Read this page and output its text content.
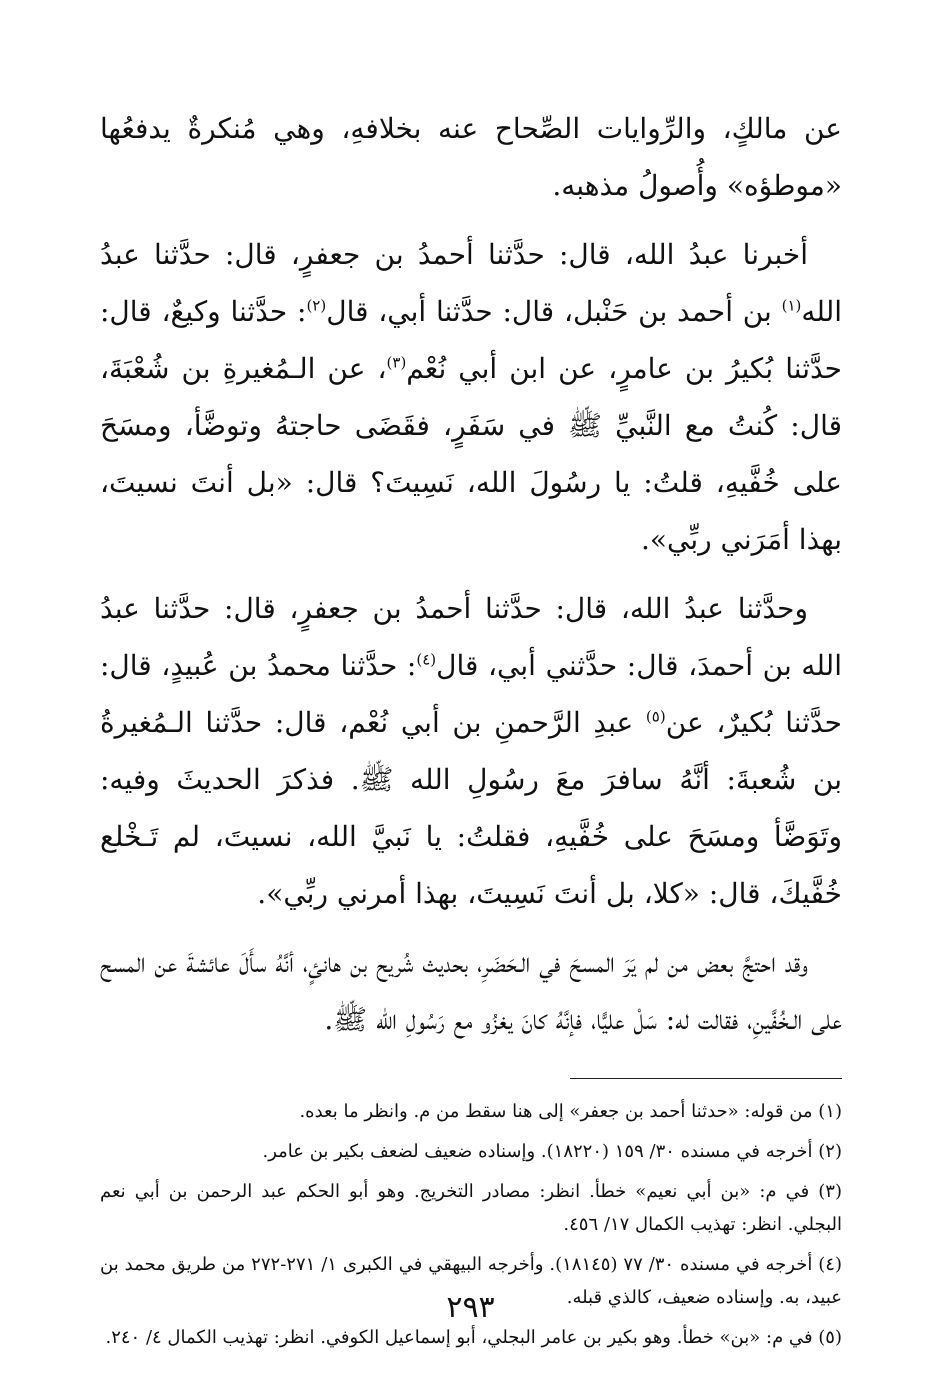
عن مالكٍ، والرِّوايات الصِّحاح عنه بخلافهِ، وهي مُنكرةٌ يدفعُها «موطؤه» وأُصولُ مذهبه.

أخبرنا عبدُ الله، قال: حدَّثنا أحمدُ بن جعفرٍ، قال: حدَّثنا عبدُ الله$^{(١)}$ بن أحمد بن حَنْبل، قال: حدَّثنا أبي، قال$^{(٢)}$: حدَّثنا وكيعٌ، قال: حدَّثنا بُكيرُ بن عامرٍ، عن ابن أبي نُعْم$^{(٣)}$، عن الـمُغيرةِ بن شُعْبَةَ، قال: كُنتُ مع النَّبيِّ ﷺ في سَفَرٍ، فقَضَى حاجتهُ وتوضَّأ، ومسَحَ على خُفَّيهِ، قلتُ: يا رسُولَ الله، نَسِيتَ؟ قال: «بل أنتَ نسيتَ، بهذا أمَرَني ربِّي».

وحدَّثنا عبدُ الله، قال: حدَّثنا أحمدُ بن جعفرٍ، قال: حدَّثنا عبدُ الله بن أحمدَ، قال: حدَّثني أبي، قال$^{(٤)}$: حدَّثنا محمدُ بن عُبيدٍ، قال: حدَّثنا بُكيرٌ، عن$^{(٥)}$ عبدِ الرَّحمنِ بن أبي نُعْم، قال: حدَّثنا الـمُغيرةُ بن شُعبةَ: أنَّهُ سافرَ معَ رسُولِ الله ﷺ. فذكرَ الحديثَ وفيه: وتَوَضَّأ ومسَحَ على خُفَّيهِ، فقلتُ: يا نَبيَّ الله، نسيتَ، لم تَـخْلع خُفَّيكَ، قال: «كلا، بل أنتَ نَسِيتَ، بهذا أمرني ربِّي».

وقد احتجَّ بعض من لم يَرَ المسحَ في الـحَضَرِ، بحديث شُريح بن هانئٍ، أنَّهُ سأَلَ عائشةَ عن المسح على الـخُفَّينِ، فقالت له: سَلْ عليًّا، فإنَّهُ كانَ يغزُو مع رَسُولِ الله ﷺ.

(١) من قوله: «حدثنا أحمد بن جعفر» إلى هنا سقط من م. وانظر ما بعده.

(٢) أخرجه في مسنده ٣٠/ ١٥٩ (١٨٢٢٠). وإسناده ضعيف لضعف بكير بن عامر.

(٣) في م: «بن أبي نعيم» خطأ. انظر: مصادر التخريج. وهو أبو الحكم عبد الرحمن بن أبي نعم البجلي. انظر: تهذيب الكمال ١٧/ ٤٥٦.

(٤) أخرجه في مسنده ٣٠/ ٧٧ (١٨١٤٥). وأخرجه البيهقي في الكبرى ١/ ٢٧١-٢٧٢ من طريق محمد بن عبيد، به. وإسناده ضعيف، كالذي قبله.

(٥) في م: «بن» خطأ. وهو بكير بن عامر البجلي، أبو إسماعيل الكوفي. انظر: تهذيب الكمال ٤/ ٢٤٠.

٢٩٣
